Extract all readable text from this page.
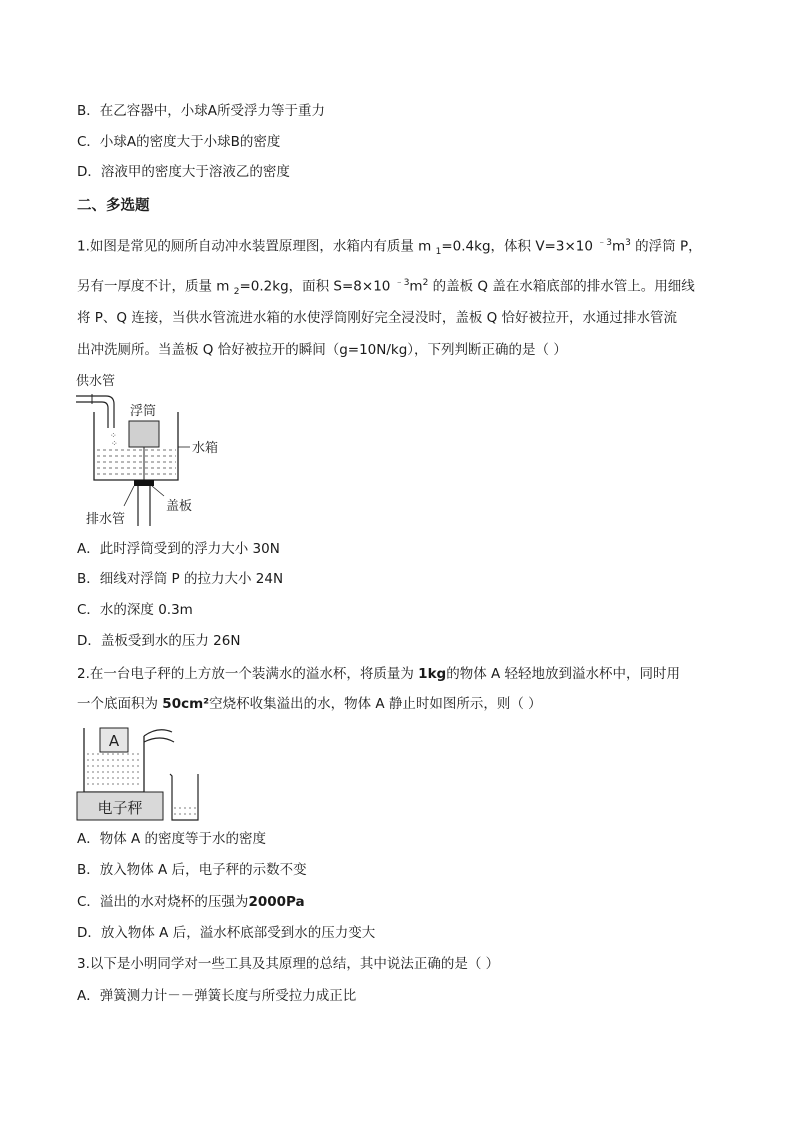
B．在乙容器中，小球A所受浮力等于重力
C．小球A的密度大于小球B的密度
D．溶液甲的密度大于溶液乙的密度
二、多选题
1.如图是常见的厕所自动冲水装置原理图，水箱内有质量 m $_1$=0.4kg，体积 V=3×10 $^{﹣3}m^3$ 的浮筒 P，
另有一厚度不计，质量 m $_2$=0.2kg，面积 S=8×10 $^{﹣3}m^2$ 的盖板 Q 盖在水箱底部的排水管上。用细线
将 P、Q 连接，当供水管流进水箱的水使浮筒刚好完全浸没时，盖板 Q 恰好被拉开，水通过排水管流
出冲洗厕所。当盖板 Q 恰好被拉开的瞬间（g=10N/kg），下列判断正确的是（ ）
⁘
⁘
供水管
浮筒
水箱
盖板
排水管
A．此时浮筒受到的浮力大小 30N
B．细线对浮筒 P 的拉力大小 24N
C．水的深度 0.3m
D．盖板受到水的压力 26N
2.在一台电子秤的上方放一个装满水的溢水杯，将质量为 1kg的物体 A 轻轻地放到溢水杯中，同时用
一个底面积为 50cm²空烧杯收集溢出的水，物体 A 静止时如图所示，则（ ）
A
电子秤
A．物体 A 的密度等于水的密度
B．放入物体 A 后，电子秤的示数不变
C．溢出的水对烧杯的压强为2000Pa
D．放入物体 A 后，溢水杯底部受到水的压力变大
3.以下是小明同学对一些工具及其原理的总结，其中说法正确的是（ ）
A．弹簧测力计－－弹簧长度与所受拉力成正比
